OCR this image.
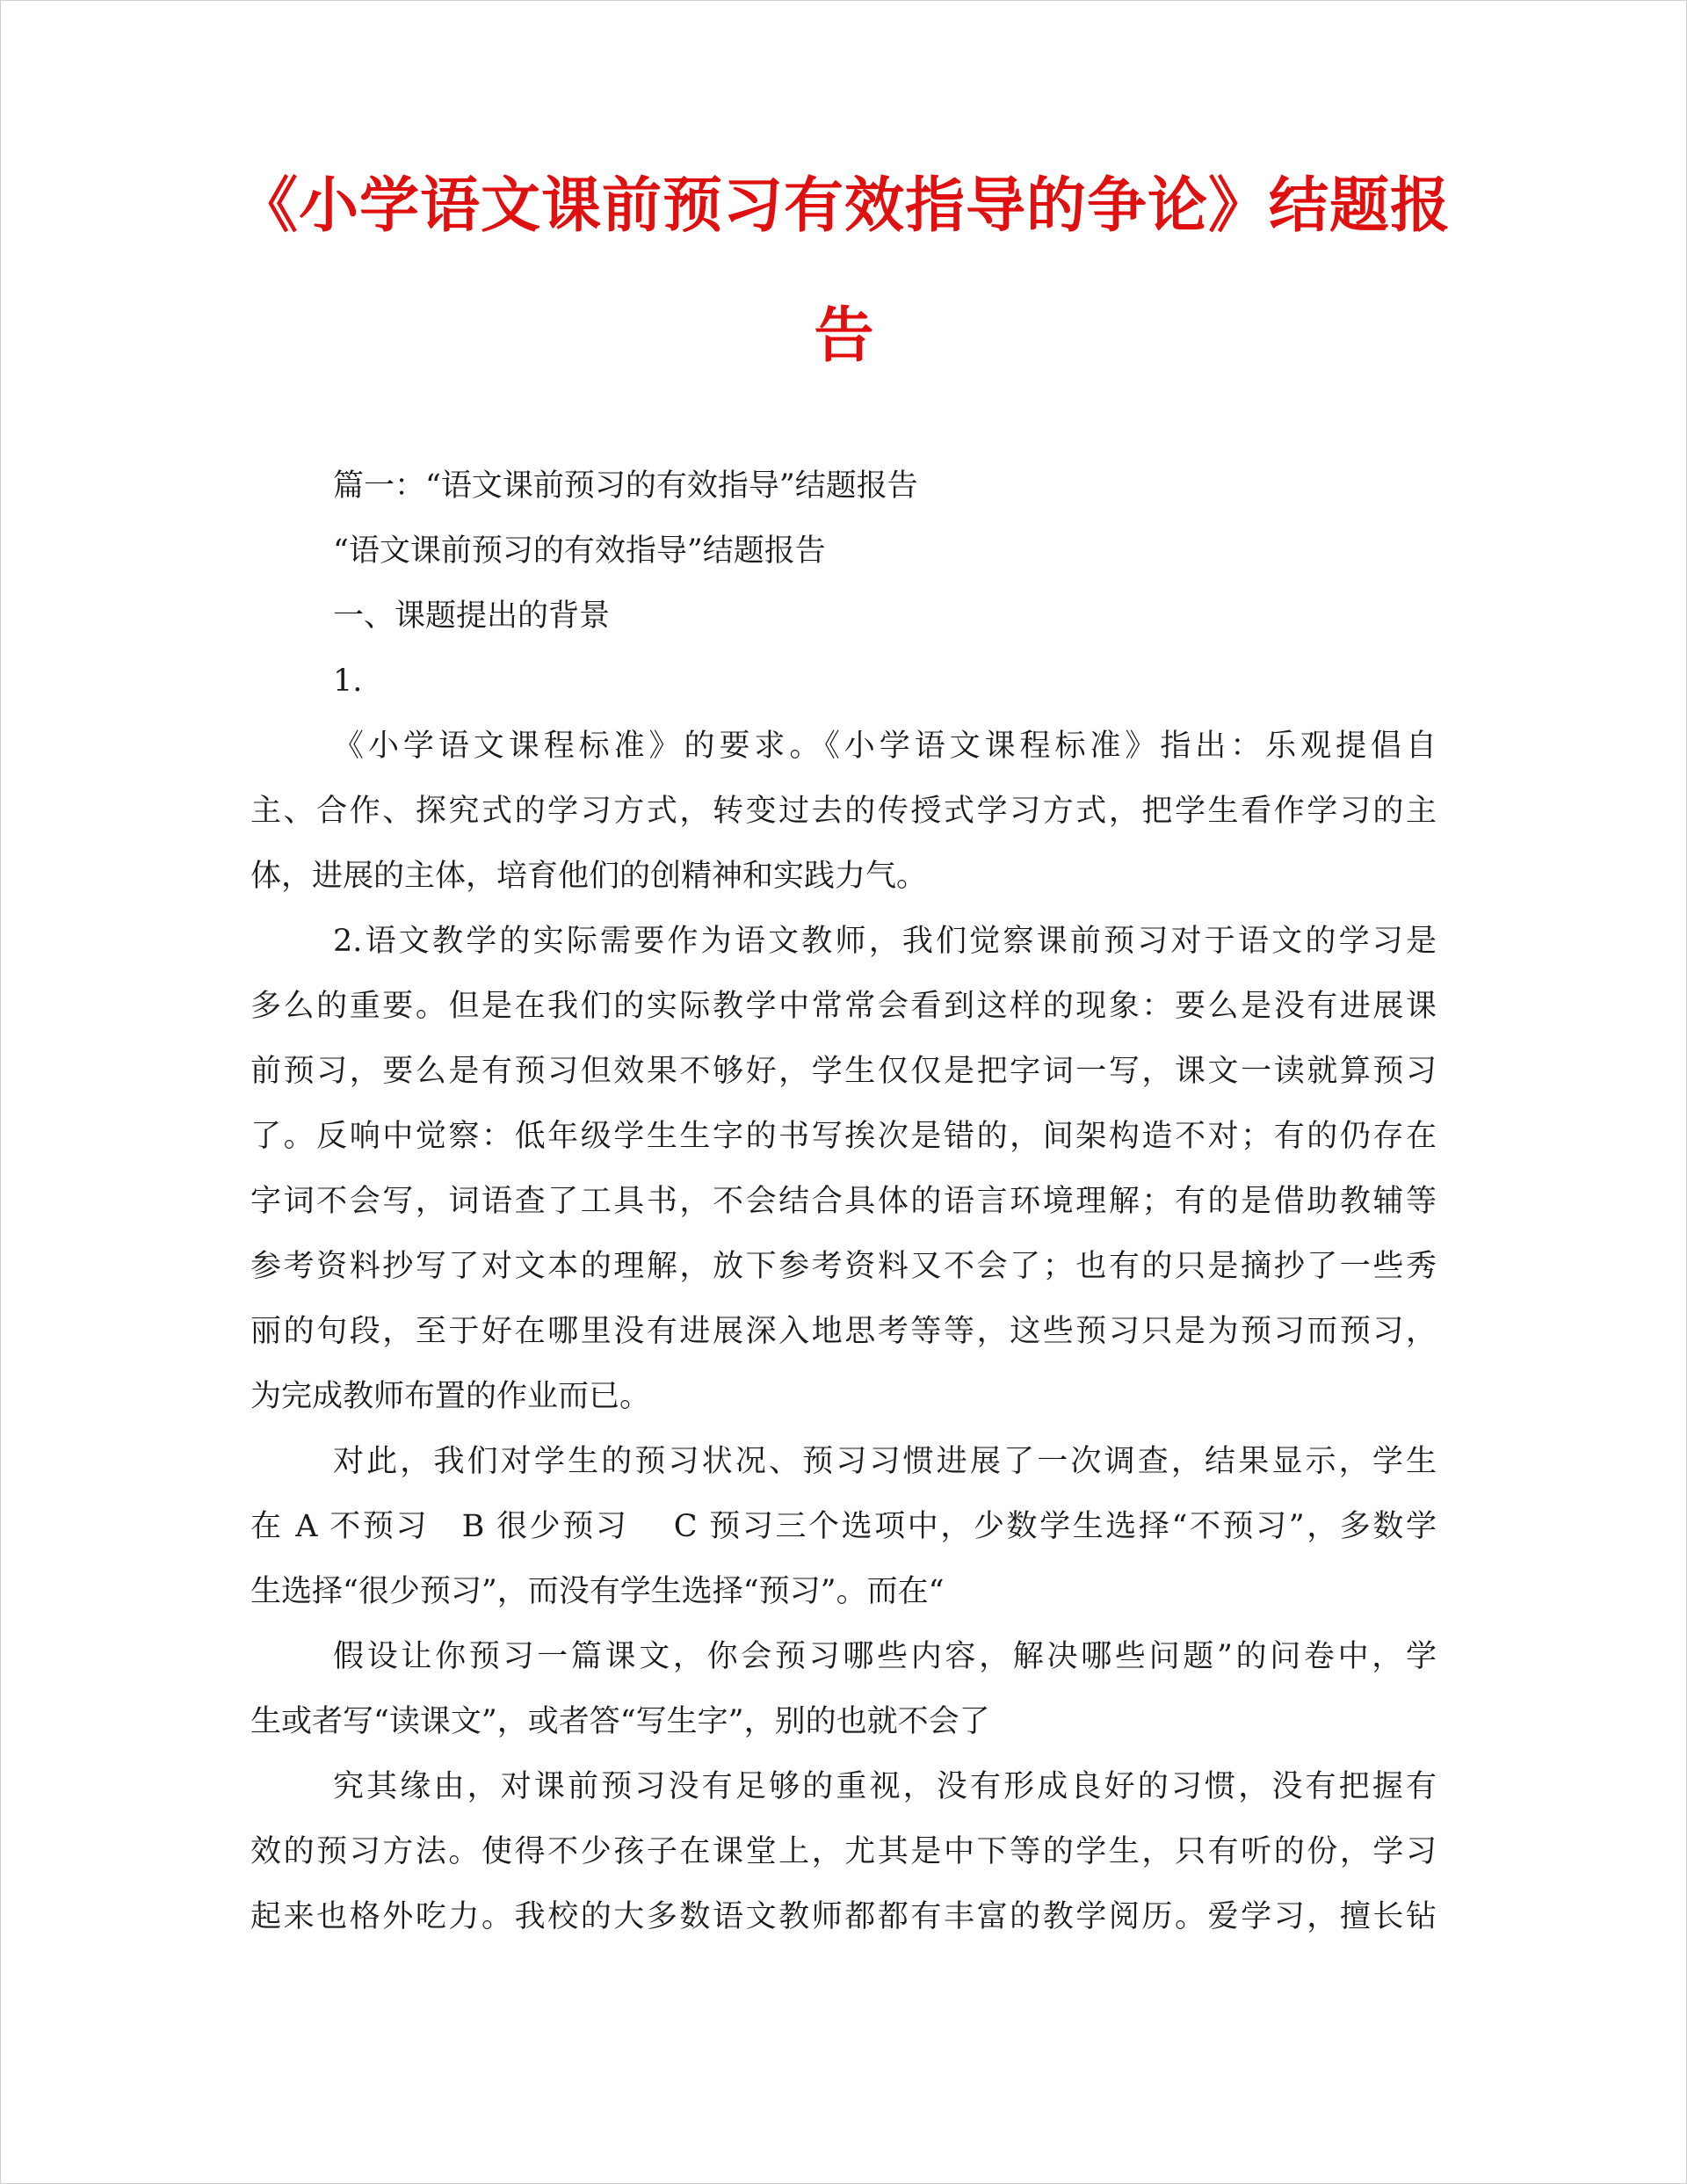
《小学语文课前预习有效指导的争论》结题报告
篇一：“语文课前预习的有效指导”结题报告
“语文课前预习的有效指导”结题报告
一、课题提出的背景
1.
《小学语文课程标准》的要求。《小学语文课程标准》指出：乐观提倡自
主、合作、探究式的学习方式，转变过去的传授式学习方式，把学生看作学习的主
体，进展的主体，培育他们的创精神和实践力气。
2.语文教学的实际需要作为语文教师，我们觉察课前预习对于语文的学习是
多么的重要。但是在我们的实际教学中常常会看到这样的现象：要么是没有进展课
前预习，要么是有预习但效果不够好，学生仅仅是把字词一写，课文一读就算预习
了。反响中觉察：低年级学生生字的书写挨次是错的，间架构造不对；有的仍存在
字词不会写，词语查了工具书，不会结合具体的语言环境理解；有的是借助教辅等
参考资料抄写了对文本的理解，放下参考资料又不会了；也有的只是摘抄了一些秀
丽的句段，至于好在哪里没有进展深入地思考等等，这些预习只是为预习而预习，
为完成教师布置的作业而已。
对此，我们对学生的预习状况、预习习惯进展了一次调查，结果显示，学生
在 A 不预习　B 很少预习　 C 预习三个选项中，少数学生选择“不预习”，多数学
生选择“很少预习”，而没有学生选择“预习”。而在“
假设让你预习一篇课文，你会预习哪些内容，解决哪些问题”的问卷中，学
生或者写“读课文”，或者答“写生字”，别的也就不会了
究其缘由，对课前预习没有足够的重视，没有形成良好的习惯，没有把握有
效的预习方法。使得不少孩子在课堂上，尤其是中下等的学生，只有听的份，学习
起来也格外吃力。我校的大多数语文教师都都有丰富的教学阅历。爱学习，擅长钻
